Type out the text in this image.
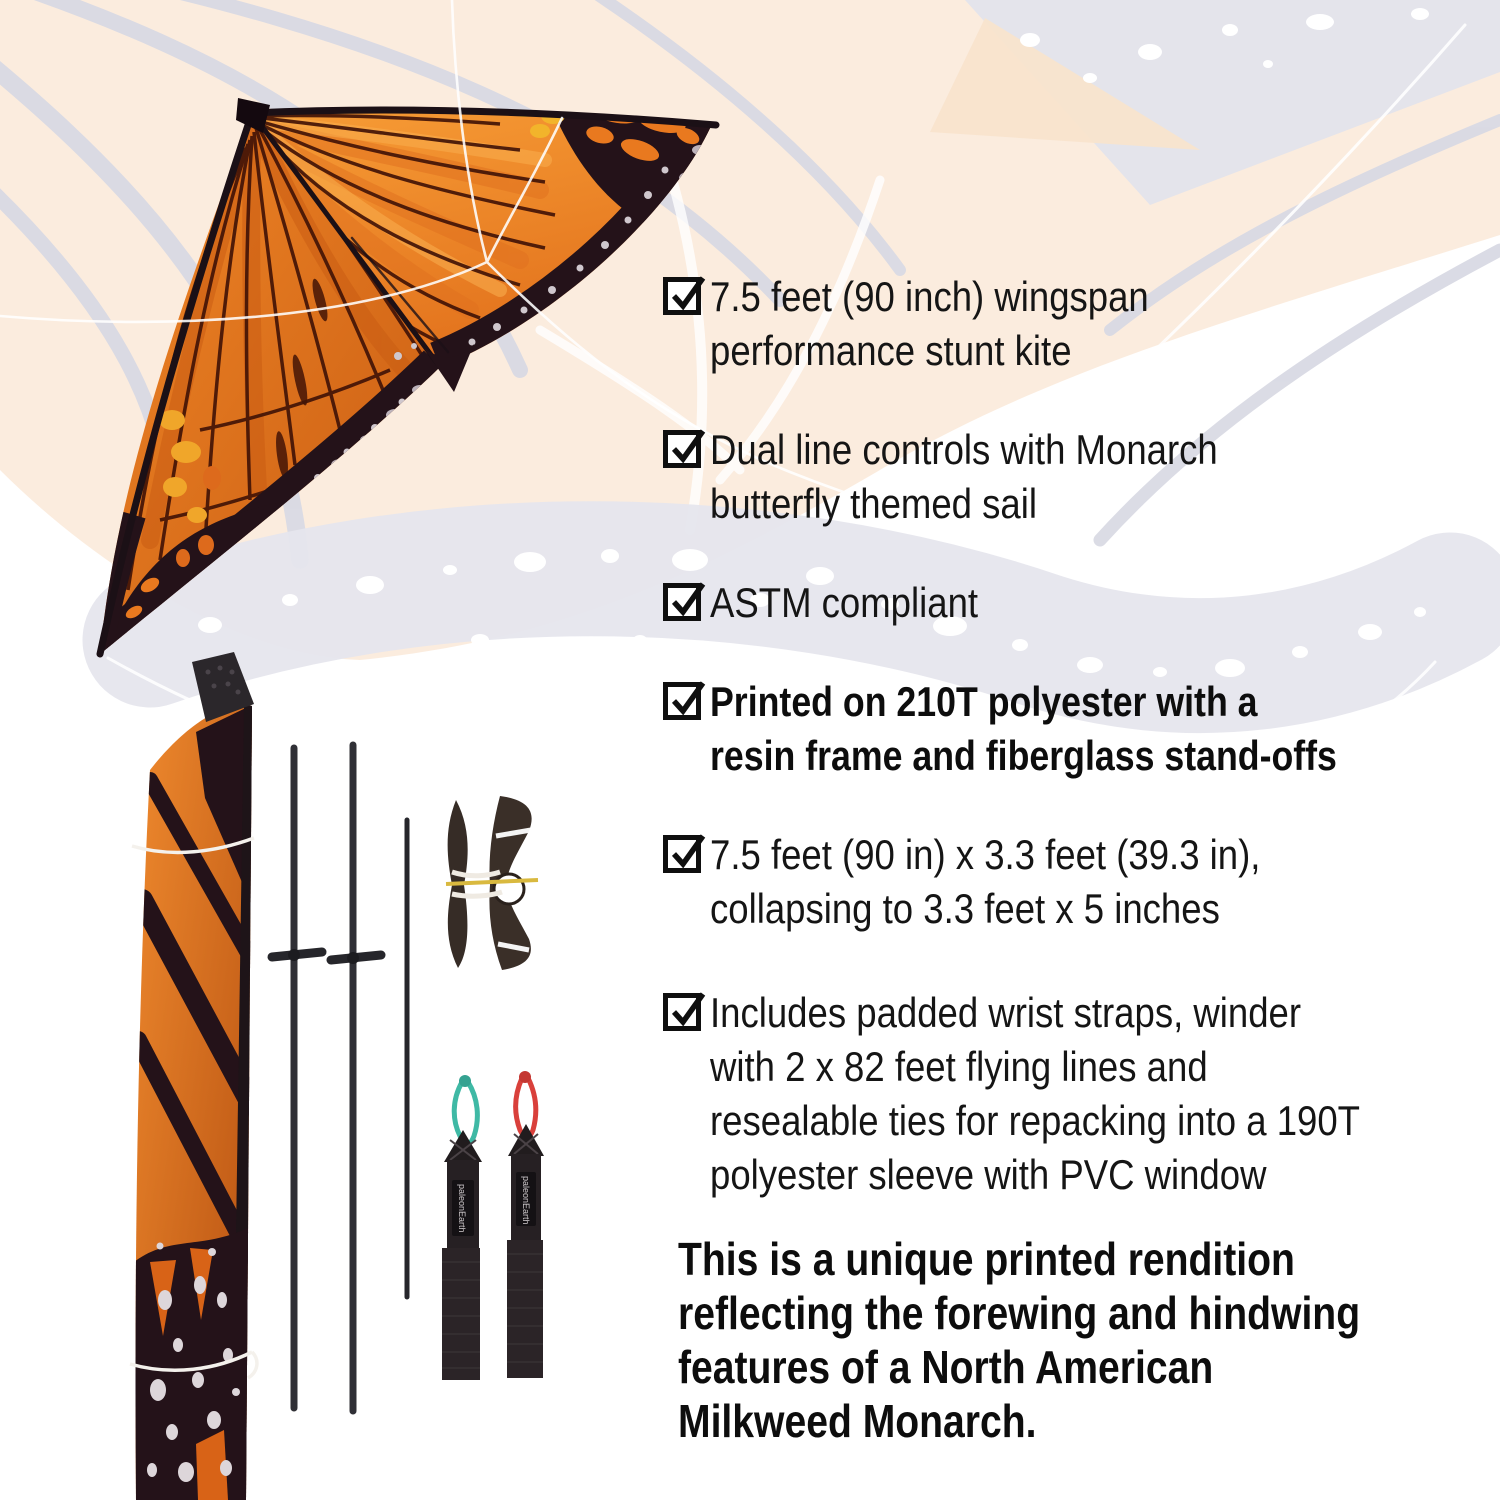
paleonEarth	paleonEarth
7.5 feet (90 inch) wingspan
performance stunt kite
Dual line controls with Monarch
butterfly themed sail
ASTM compliant
Printed on 210T polyester with a
resin frame and fiberglass stand-offs
7.5 feet (90 in) x 3.3 feet (39.3 in),
collapsing to 3.3 feet x 5 inches
Includes padded wrist straps, winder
with 2 x 82 feet flying lines and
resealable ties for repacking into a 190T
polyester sleeve with PVC window
This is a unique printed rendition
reflecting the forewing and hindwing
features of a North American
Milkweed Monarch.
